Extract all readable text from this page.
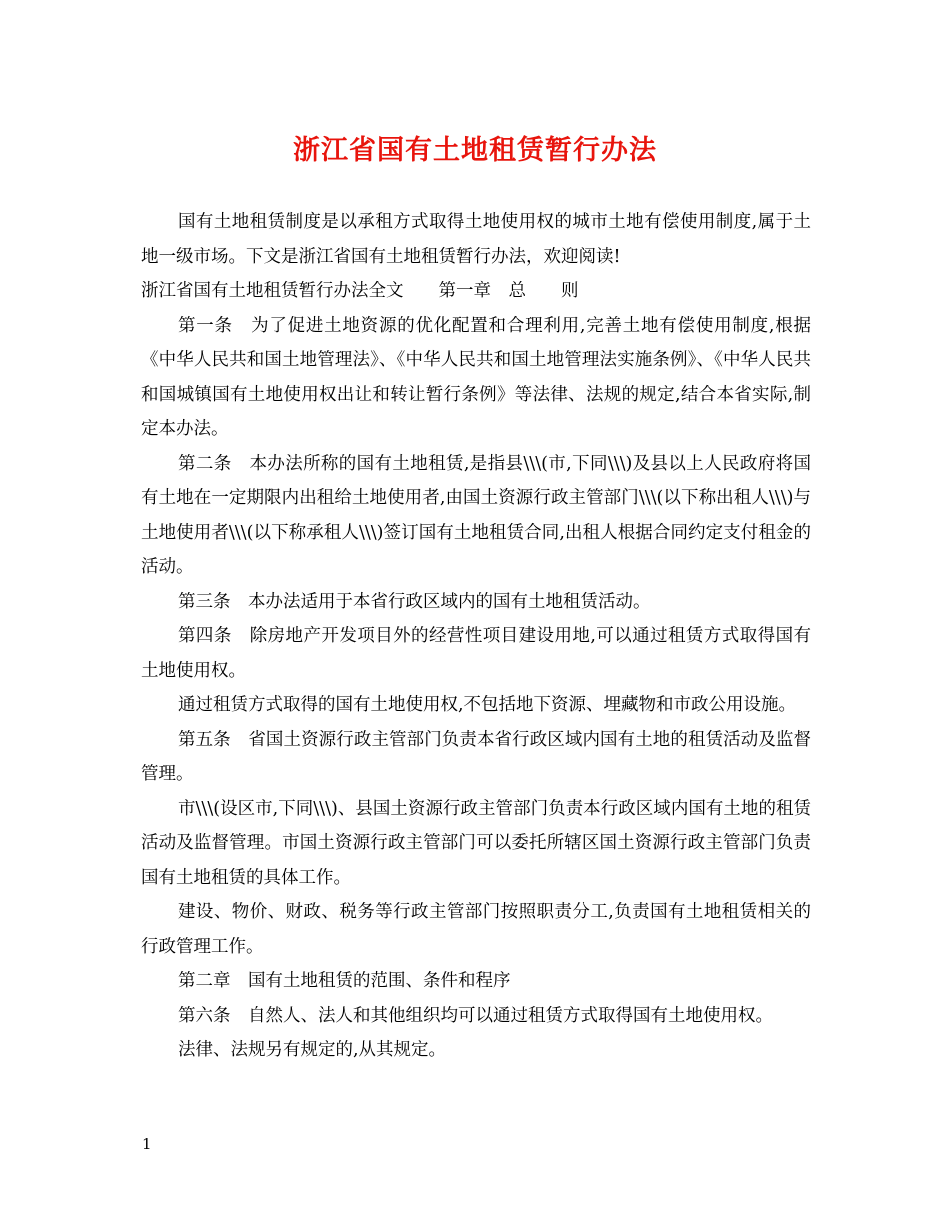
浙江省国有土地租赁暂行办法

国有土地租赁制度是以承租方式取得土地使用权的城市土地有偿使用制度,属于土地一级市场。下文是浙江省国有土地租赁暂行办法，欢迎阅读!

浙江省国有土地租赁暂行办法全文　　第一章　总　　则

第一条　为了促进土地资源的优化配置和合理利用,完善土地有偿使用制度,根据《中华人民共和国土地管理法》、《中华人民共和国土地管理法实施条例》、《中华人民共和国城镇国有土地使用权出让和转让暂行条例》等法律、法规的规定,结合本省实际,制定本办法。

第二条　本办法所称的国有土地租赁,是指县\\\(市,下同\\\)及县以上人民政府将国有土地在一定期限内出租给土地使用者,由国土资源行政主管部门\\\(以下称出租人\\\)与土地使用者\\\(以下称承租人\\\)签订国有土地租赁合同,出租人根据合同约定支付租金的活动。

第三条　本办法适用于本省行政区域内的国有土地租赁活动。

第四条　除房地产开发项目外的经营性项目建设用地,可以通过租赁方式取得国有土地使用权。

通过租赁方式取得的国有土地使用权,不包括地下资源、埋藏物和市政公用设施。

第五条　省国土资源行政主管部门负责本省行政区域内国有土地的租赁活动及监督管理。

市\\\(设区市,下同\\\)、县国土资源行政主管部门负责本行政区域内国有土地的租赁活动及监督管理。市国土资源行政主管部门可以委托所辖区国土资源行政主管部门负责国有土地租赁的具体工作。

建设、物价、财政、税务等行政主管部门按照职责分工,负责国有土地租赁相关的行政管理工作。

第二章　国有土地租赁的范围、条件和程序

第六条　自然人、法人和其他组织均可以通过租赁方式取得国有土地使用权。

法律、法规另有规定的,从其规定。

1
